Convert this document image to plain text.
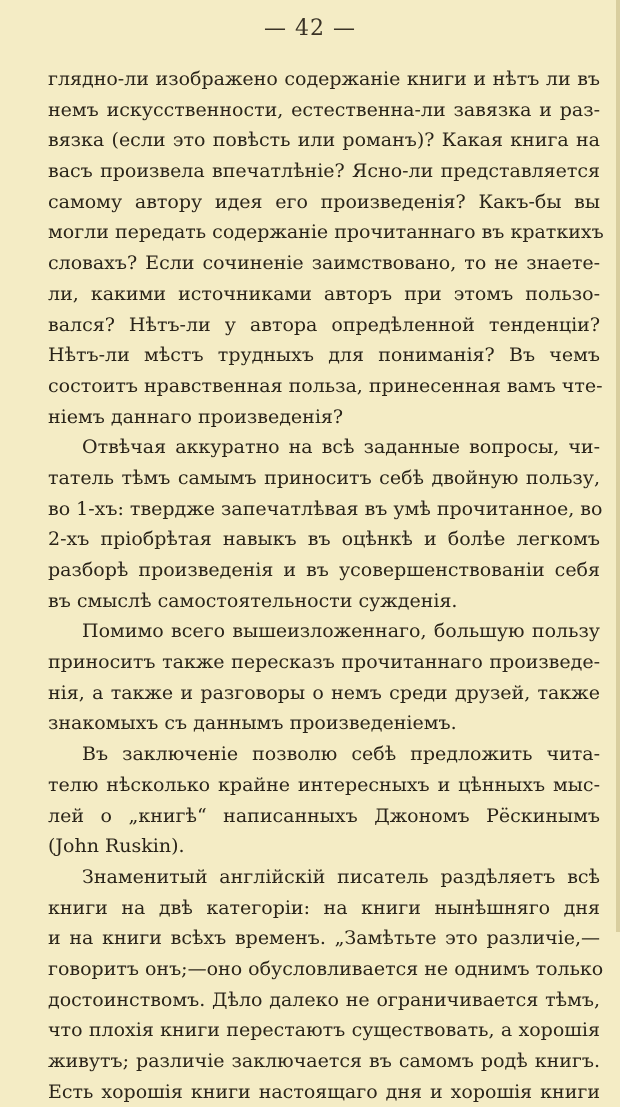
— 42 —
глядно-ли изображено содержаніе книги и нѣтъ ли въ
немъ искусственности, естественна-ли завязка и раз-
вязка (если это повѣсть или романъ)? Какая книга на
васъ произвела впечатлѣніе? Ясно-ли представляется
самому автору идея его произведенія? Какъ-бы вы
могли передать содержаніе прочитаннаго въ краткихъ
словахъ? Если сочиненіе заимствовано, то не знаете-
ли, какими источниками авторъ при этомъ пользо-
вался? Нѣтъ-ли у автора опредѣленной тенденціи?
Нѣтъ-ли мѣстъ трудныхъ для пониманія? Въ чемъ
состоитъ нравственная польза, принесенная вамъ чте-
ніемъ даннаго произведенія?
Отвѣчая аккуратно на всѣ заданные вопросы, чи-
татель тѣмъ самымъ приноситъ себѣ двойную пользу,
во 1-хъ: твердже запечатлѣвая въ умѣ прочитанное, во
2-хъ пріобрѣтая навыкъ въ оцѣнкѣ и болѣе легкомъ
разборѣ произведенія и въ усовершенствованіи себя
въ смыслѣ самостоятельности сужденія.
Помимо всего вышеизложеннаго, большую пользу
приноситъ также пересказъ прочитаннаго произведе-
нія, а также и разговоры о немъ среди друзей, также
знакомыхъ съ даннымъ произведеніемъ.
Въ заключеніе позволю себѣ предложить чита-
телю нѣсколько крайне интересныхъ и цѣнныхъ мыс-
лей о „книгѣ“ написанныхъ Джономъ Рёскинымъ
(John Ruskin).
Знаменитый англійскій писатель раздѣляетъ всѣ
книги на двѣ категоріи: на книги нынѣшняго дня
и на книги всѣхъ временъ. „Замѣтьте это различіе,—
говоритъ онъ;—оно обусловливается не однимъ только
достоинствомъ. Дѣло далеко не ограничивается тѣмъ,
что плохія книги перестаютъ существовать, а хорошія
живутъ; различіе заключается въ самомъ родѣ книгъ.
Есть хорошія книги настоящаго дня и хорошія книги
